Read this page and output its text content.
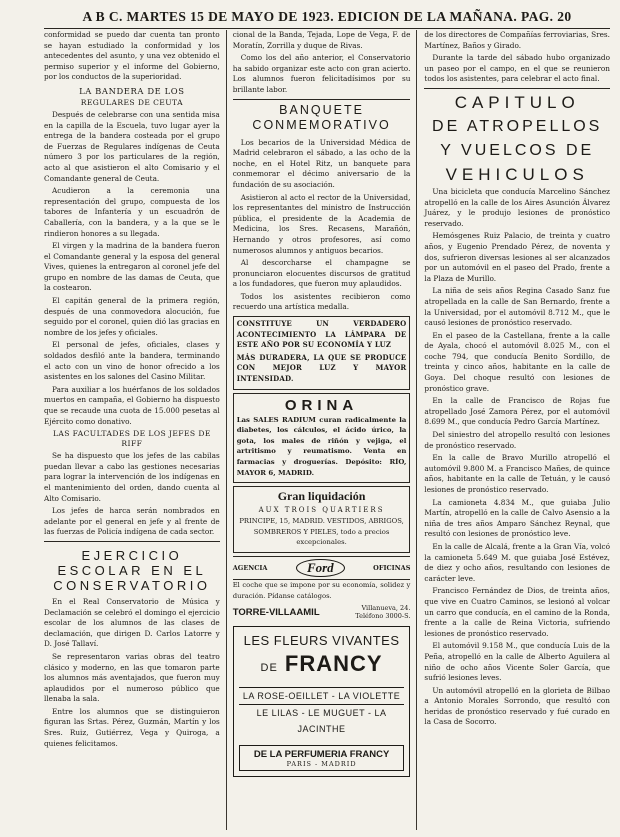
A B C. MARTES 15 DE MAYO DE 1923. EDICION DE LA MAÑANA. PAG. 20

conformidad se puedo dar cuenta tan pronto se hayan estudiado la conformidad y los antecedentes del asunto, y una vez obtenido el permiso superior y el informe del Gobierno, por los conductos de la superioridad.

LA BANDERA DE LOS
REGULARES DE CEUTA

Después de celebrarse con una sentida misa en la capilla de la Escuela, tuvo lugar ayer la entrega de la bandera costeada por el grupo de Fuerzas de Regulares indígenas de Ceuta número 3 por los particulares de la región, acto al que asistieron el alto Comisario y el Comandante general de Ceuta.

Acudieron a la ceremonia una representación del grupo, compuesta de los tabores de Infantería y un escuadrón de Caballería, con la bandera, y a la que se le rindieron honores a su llegada.

El virgen y la madrina de la bandera fueron el Comandante general y la esposa del general Vives, quienes la entregaron al coronel jefe del grupo en nombre de las damas de Ceuta, que la costearon.

El capitán general de la primera región, después de una conmovedora alocución, fue seguido por el coronel, quien dió las gracias en nombre de los jefes y oficiales.

El personal de jefes, oficiales, clases y soldados desfiló ante la bandera, terminando el acto con un vino de honor ofrecido a los asistentes en los salones del Casino Militar.

Para auxiliar a los huérfanos de los soldados muertos en campaña, el Gobierno ha dispuesto que se recaude una cuota de 15.000 pesetas al Ejército como donativo.

LAS FACULTADES DE LOS JEFES DE RIFF

Se ha dispuesto que los jefes de las cabilas puedan llevar a cabo las gestiones necesarias para lograr la intervención de los indígenas en el mantenimiento del orden, dando cuenta al Alto Comisario.

Los jefes de harca serán nombrados en adelante por el general en jefe y al frente de las fuerzas de Policía indígena de cada sector.

EJERCICIO
ESCOLAR EN EL
CONSERVATORIO

En el Real Conservatorio de Música y Declamación se celebró el domingo el ejercicio escolar de los alumnos de las clases de declamación, que dirigen D. Carlos Latorre y D. José Tallaví.

Se representaron varias obras del teatro clásico y moderno, en las que tomaron parte los alumnos más aventajados, que fueron muy aplaudidos por el numeroso público que llenaba la sala.

Entre los alumnos que se distinguieron figuran las Srtas. Pérez, Guzmán, Martín y los Sres. Ruiz, Gutiérrez, Vega y Quiroga, a quienes felicitamos.

cional de la Banda, Tejada, Lope de Vega, F. de Moratín, Zorrilla y duque de Rivas.

Como los del año anterior, el Conservatorio ha sabido organizar este acto con gran acierto. Los alumnos fueron felicitadísimos por su brillante labor.

BANQUETE CONMEMORATIVO

Los becarios de la Universidad Médica de Madrid celebraron el sábado, a las ocho de la noche, en el Hotel Ritz, un banquete para conmemorar el décimo aniversario de la fundación de su asociación.

Asistieron al acto el rector de la Universidad, los representantes del ministro de Instrucción pública, el presidente de la Academia de Medicina, los Sres. Recasens, Marañón, Hernando y otros profesores, así como numerosos alumnos y antiguos becarios.

Al descorcharse el champagne se pronunciaron elocuentes discursos de gratitud a los fundadores, que fueron muy aplaudidos.

Todos los asistentes recibieron como recuerdo una artística medalla.

CONSTITUYE UN VERDADERO ACONTECIMIENTO LA LÁMPARA DE ESTE AÑO POR SU ECONOMÍA Y LUZ

MÁS DURADERA, LA QUE SE PRODUCE CON MEJOR LUZ Y MAYOR INTENSIDAD.

ORINA

Las SALES RADIUM curan radicalmente la diabetes, los cálculos, el ácido úrico, la gota, los males de riñón y vejiga, el artritismo y reumatismo. Venta en farmacias y droguerías. Depósito: RÍO, MAYOR 6, MADRID.

Gran liquidación
AUX TROIS QUARTIERS

PRINCIPE, 15, MADRID. VESTIDOS, ABRIGOS, SOMBREROS Y PIELES, todo a precios excepcionales.

AGENCIA	Ford	OFICINAS

El coche que se impone por su economía, solidez y duración. Pídanse catálogos.

TORRE-VILLAAMIL	Villanueva, 24.
Teléfono 3000-S.
LES FLEURS VIVANTES
DE FRANCY
LA ROSE-OEILLET - LA VIOLETTE
LE LILAS - LE MUGUET - LA JACINTHE
DE LA PERFUMERIA FRANCY
PARIS - MADRID

de los directores de Compañías ferroviarias, Sres. Martínez, Baños y Girado.

Durante la tarde del sábado hubo organizado un paseo por el campo, en el que se reunieron todos los asistentes, para celebrar el acto final.

CAPITULO
DE ATROPELLOS
Y VUELCOS DE
VEHICULOS

Una bicicleta que conducía Marcelino Sánchez atropelló en la calle de los Aires Asunción Álvarez Juárez, y le produjo lesiones de pronóstico reservado.

Hemósgenes Ruiz Palacio, de treinta y cuatro años, y Eugenio Prendado Pérez, de noventa y dos, sufrieron diversas lesiones al ser alcanzados por un automóvil en el paseo del Prado, frente a la Plaza de Murillo.

La niña de seis años Regina Casado Sanz fue atropellada en la calle de San Bernardo, frente a la Universidad, por el automóvil 8.712 M., que le causó lesiones de pronóstico reservado.

En el paseo de la Castellana, frente a la calle de Ayala, chocó el automóvil 8.025 M., con el coche 794, que conducía Benito Sordillo, de treinta y cinco años, habitante en la calle de Goya. Del choque resultó con lesiones de pronóstico grave.

En la calle de Francisco de Rojas fue atropellado José Zamora Pérez, por el automóvil 8.699 M., que conducía Pedro García Martínez.

Del siniestro del atropello resultó con lesiones de pronóstico reservado.

En la calle de Bravo Murillo atropelló el automóvil 9.800 M. a Francisco Mañes, de quince años, habitante en la calle de Tetuán, y le causó lesiones de pronóstico reservado.

La camioneta 4.834 M., que guiaba Julio Martín, atropelló en la calle de Calvo Asensio a la niña de tres años Amparo Sánchez Reynal, que resultó con lesiones de pronóstico leve.

En la calle de Alcalá, frente a la Gran Vía, volcó la camioneta 5.649 M. que guiaba José Estévez, de diez y ocho años, resultando con lesiones de carácter leve.

Francisco Fernández de Dios, de treinta años, que vive en Cuatro Caminos, se lesionó al volcar un carro que conducía, en el camino de la Ronda, frente a la calle de Reina Victoria, sufriendo lesiones de pronóstico reservado.

El automóvil 9.158 M., que conducía Luis de la Peña, atropelló en la calle de Alberto Aguilera al niño de ocho años Vicente Soler García, que sufrió lesiones leves.

Un automóvil atropelló en la glorieta de Bilbao a Antonio Morales Sorrondo, que resultó con heridas de pronóstico reservado y fué curado en la Casa de Socorro.
